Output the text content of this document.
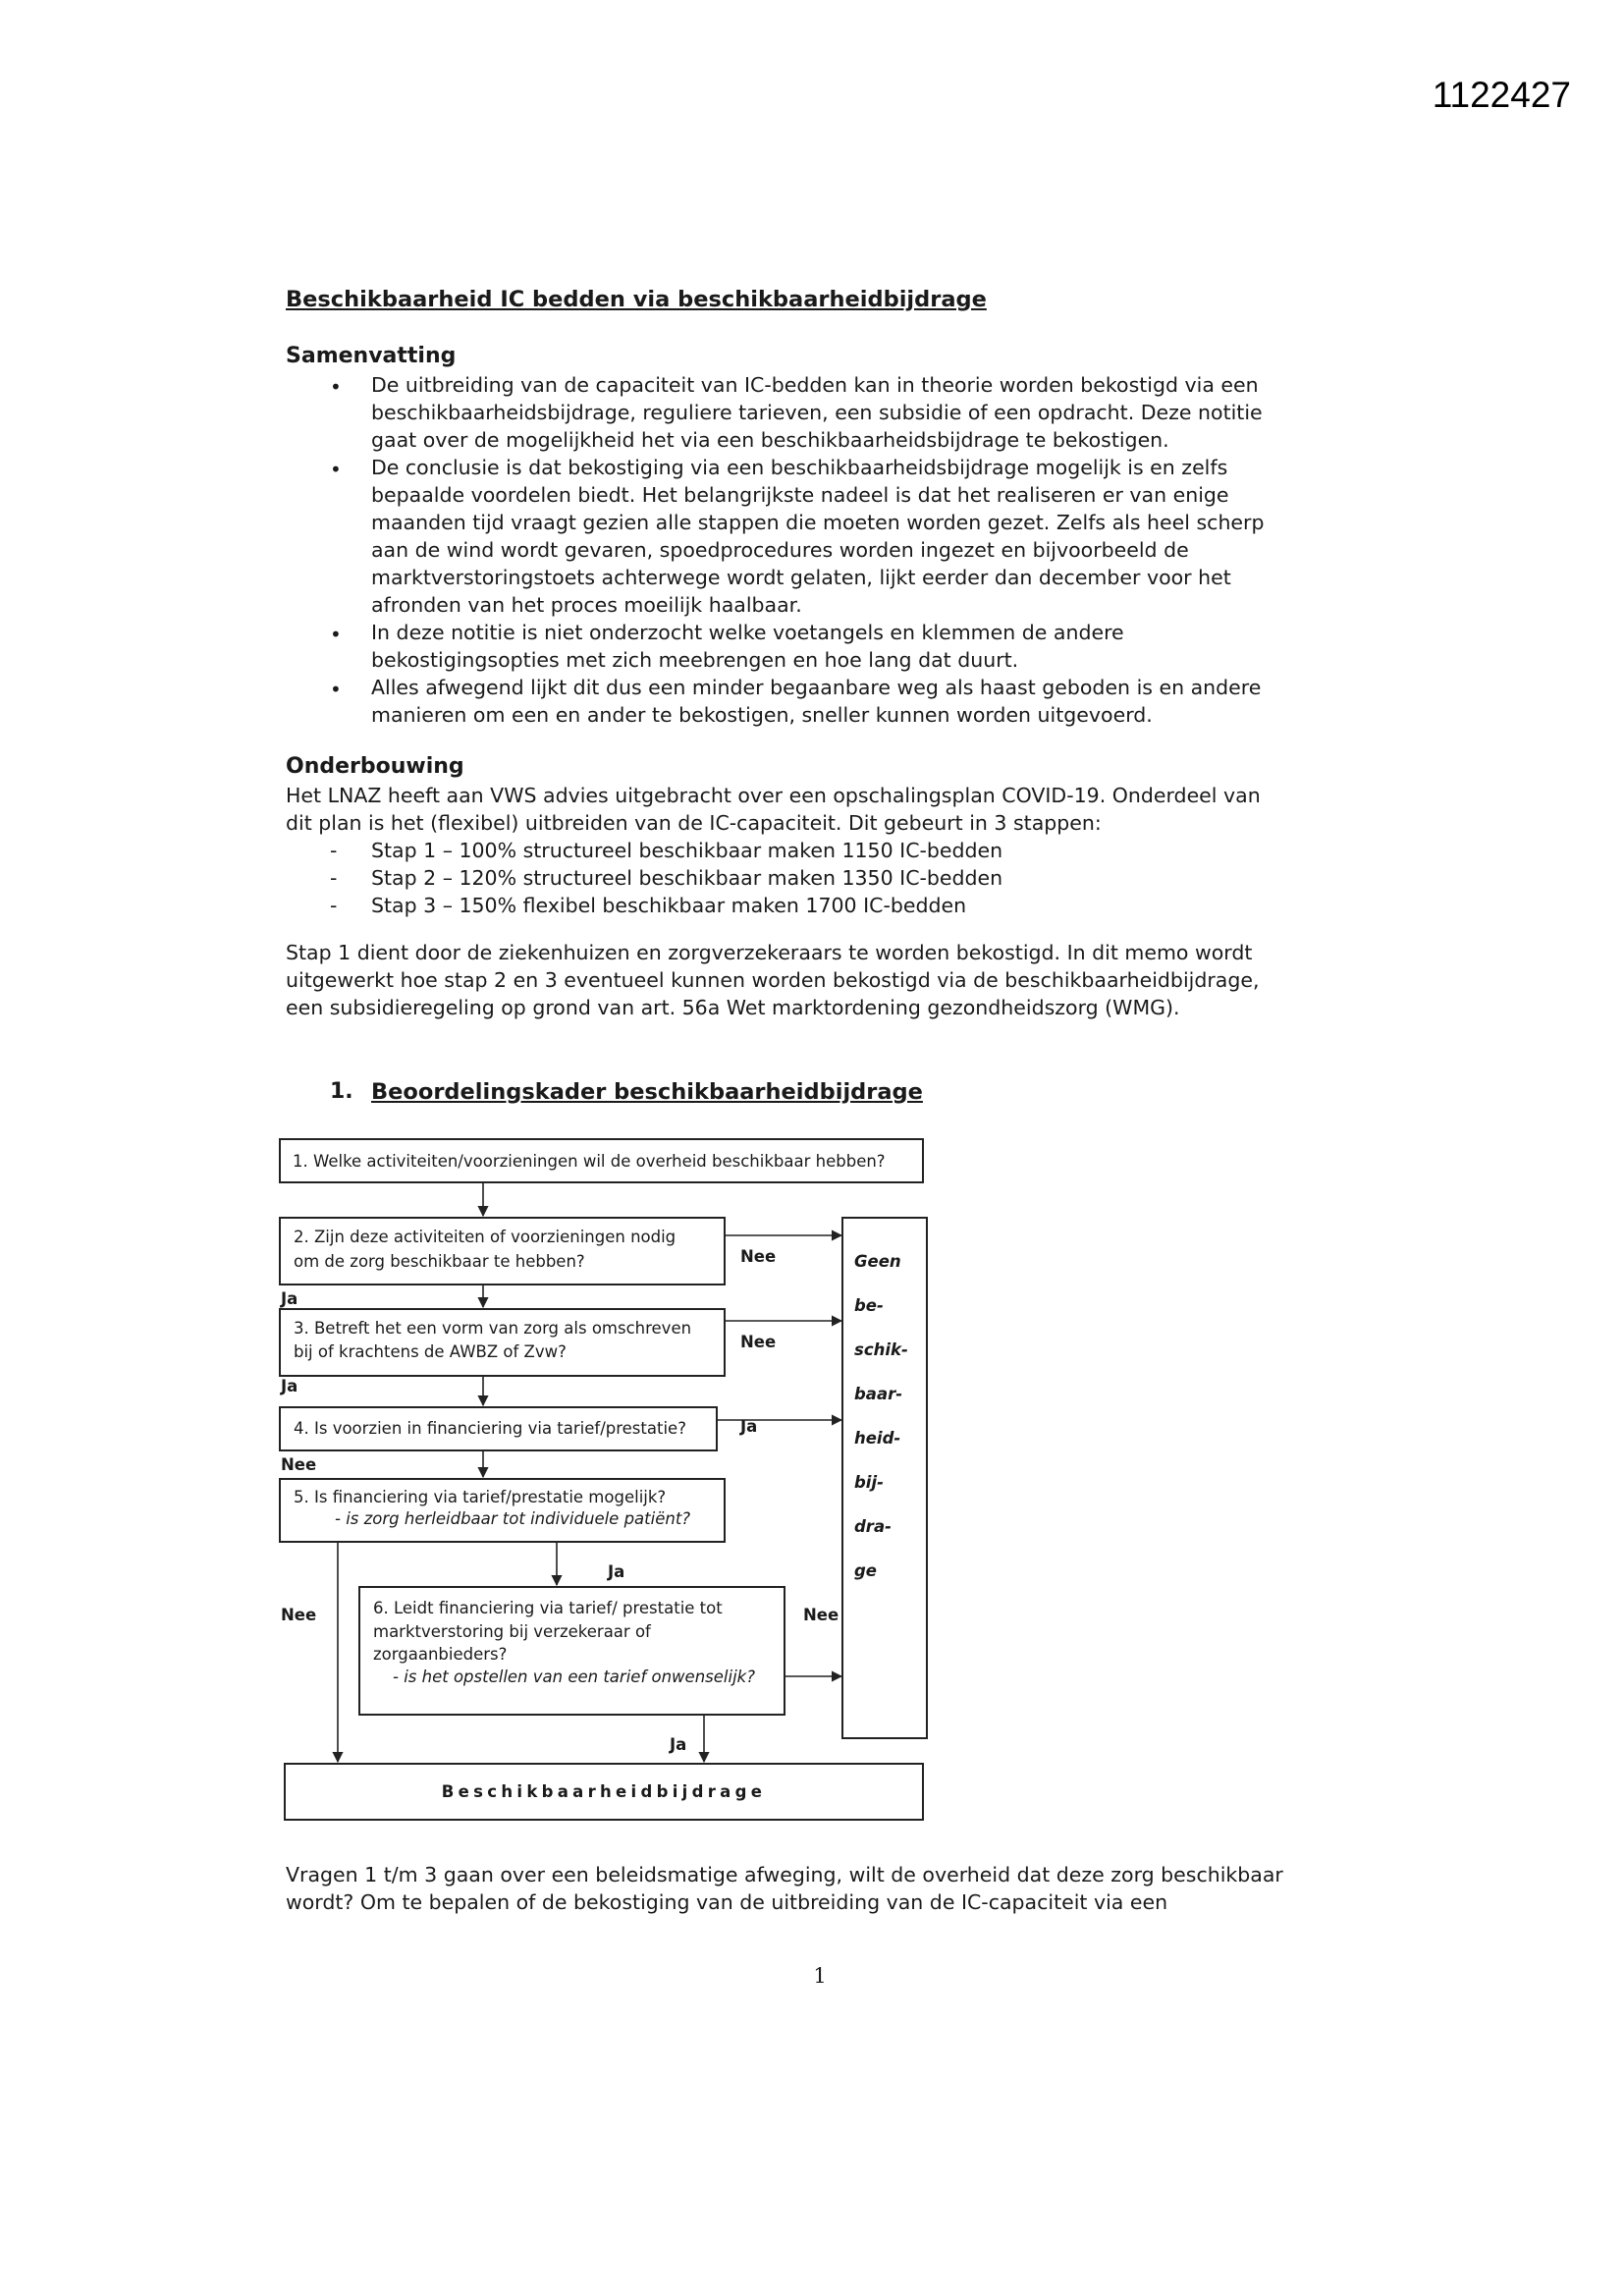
1122427
Beschikbaarheid IC bedden via beschikbaarheidbijdrage
Samenvatting
• De uitbreiding van de capaciteit van IC-bedden kan in theorie worden bekostigd via een
beschikbaarheidsbijdrage, reguliere tarieven, een subsidie of een opdracht. Deze notitie
gaat over de mogelijkheid het via een beschikbaarheidsbijdrage te bekostigen.
• De conclusie is dat bekostiging via een beschikbaarheidsbijdrage mogelijk is en zelfs
bepaalde voordelen biedt. Het belangrijkste nadeel is dat het realiseren er van enige
maanden tijd vraagt gezien alle stappen die moeten worden gezet. Zelfs als heel scherp
aan de wind wordt gevaren, spoedprocedures worden ingezet en bijvoorbeeld de
marktverstoringstoets achterwege wordt gelaten, lijkt eerder dan december voor het
afronden van het proces moeilijk haalbaar.
• In deze notitie is niet onderzocht welke voetangels en klemmen de andere
bekostigingsopties met zich meebrengen en hoe lang dat duurt.
• Alles afwegend lijkt dit dus een minder begaanbare weg als haast geboden is en andere
manieren om een en ander te bekostigen, sneller kunnen worden uitgevoerd.
Onderbouwing
Het LNAZ heeft aan VWS advies uitgebracht over een opschalingsplan COVID-19. Onderdeel van
dit plan is het (flexibel) uitbreiden van de IC-capaciteit. Dit gebeurt in 3 stappen:
- Stap 1 – 100% structureel beschikbaar maken 1150 IC-bedden
- Stap 2 – 120% structureel beschikbaar maken 1350 IC-bedden
- Stap 3 – 150% flexibel beschikbaar maken 1700 IC-bedden
Stap 1 dient door de ziekenhuizen en zorgverzekeraars te worden bekostigd. In dit memo wordt
uitgewerkt hoe stap 2 en 3 eventueel kunnen worden bekostigd via de beschikbaarheidbijdrage,
een subsidieregeling op grond van art. 56a Wet marktordening gezondheidszorg (WMG).
1. Beoordelingskader beschikbaarheidbijdrage
1. Welke activiteiten/voorzieningen wil de overheid beschikbaar hebben?
2. Zijn deze activiteiten of voorzieningen nodig
om de zorg beschikbaar te hebben?	Nee
Ja
3. Betreft het een vorm van zorg als omschreven
bij of krachtens de AWBZ of Zvw?
Nee
Ja
4. Is voorzien in financiering via tarief/prestatie?	Ja
Nee
5. Is financiering via tarief/prestatie mogelijk?
- is zorg herleidbaar tot individuele patiënt?
Ja
Nee	6. Leidt financiering via tarief/ prestatie tot
marktverstoring bij verzekeraar of
zorgaanbieders?
- is het opstellen van een tarief onwenselijk?
Nee
Ja
Geen
be-
schik-
baar-
heid-
bij-
dra-
ge
Beschikbaarheidbijdrage
Vragen 1 t/m 3 gaan over een beleidsmatige afweging, wilt de overheid dat deze zorg beschikbaar
wordt? Om te bepalen of de bekostiging van de uitbreiding van de IC-capaciteit via een
1
